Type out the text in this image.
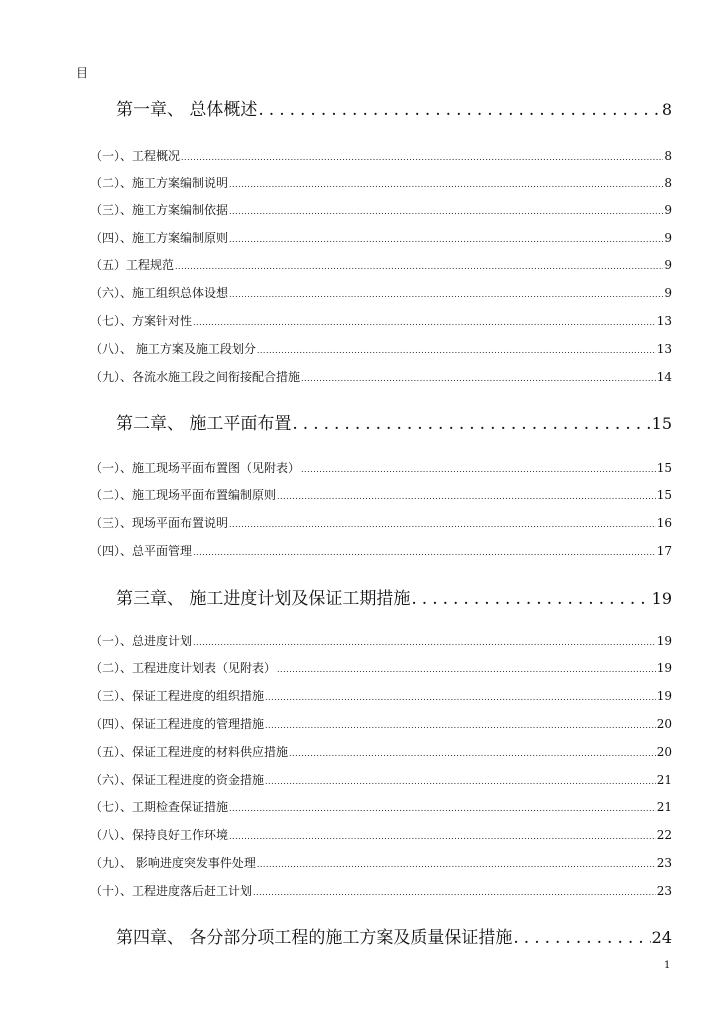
目
第一章、 总体概述 .....	8
（一）、工程概况 .....	8
（二）、施工方案编制说明 .....	8
（三）、施工方案编制依据 .....	9
（四）、施工方案编制原则 .....	9
（五）工程规范 .....	9
（六）、施工组织总体设想 .....	9
（七）、方案针对性 .....	13
（八）、 施工方案及施工段划分 .....	13
（九）、各流水施工段之间衔接配合措施 .....	14
第二章、 施工平面布置 .....	15
（一）、施工现场平面布置图（见附表） .....	15
（二）、施工现场平面布置编制原则 .....	15
（三）、现场平面布置说明 .....	16
（四）、总平面管理 .....	17
第三章、 施工进度计划及保证工期措施 .....	19
（一）、总进度计划 .....	19
（二）、工程进度计划表（见附表） .....	19
（三）、保证工程进度的组织措施 .....	19
（四）、保证工程进度的管理措施 .....	20
（五）、保证工程进度的材料供应措施 .....	20
（六）、保证工程进度的资金措施 .....	21
（七）、工期检查保证措施 .....	21
（八）、保持良好工作环境 .....	22
（九）、 影响进度突发事件处理 .....	23
（十）、工程进度落后赶工计划 .....	23
第四章、 各分部分项工程的施工方案及质量保证措施 .....	24
1
